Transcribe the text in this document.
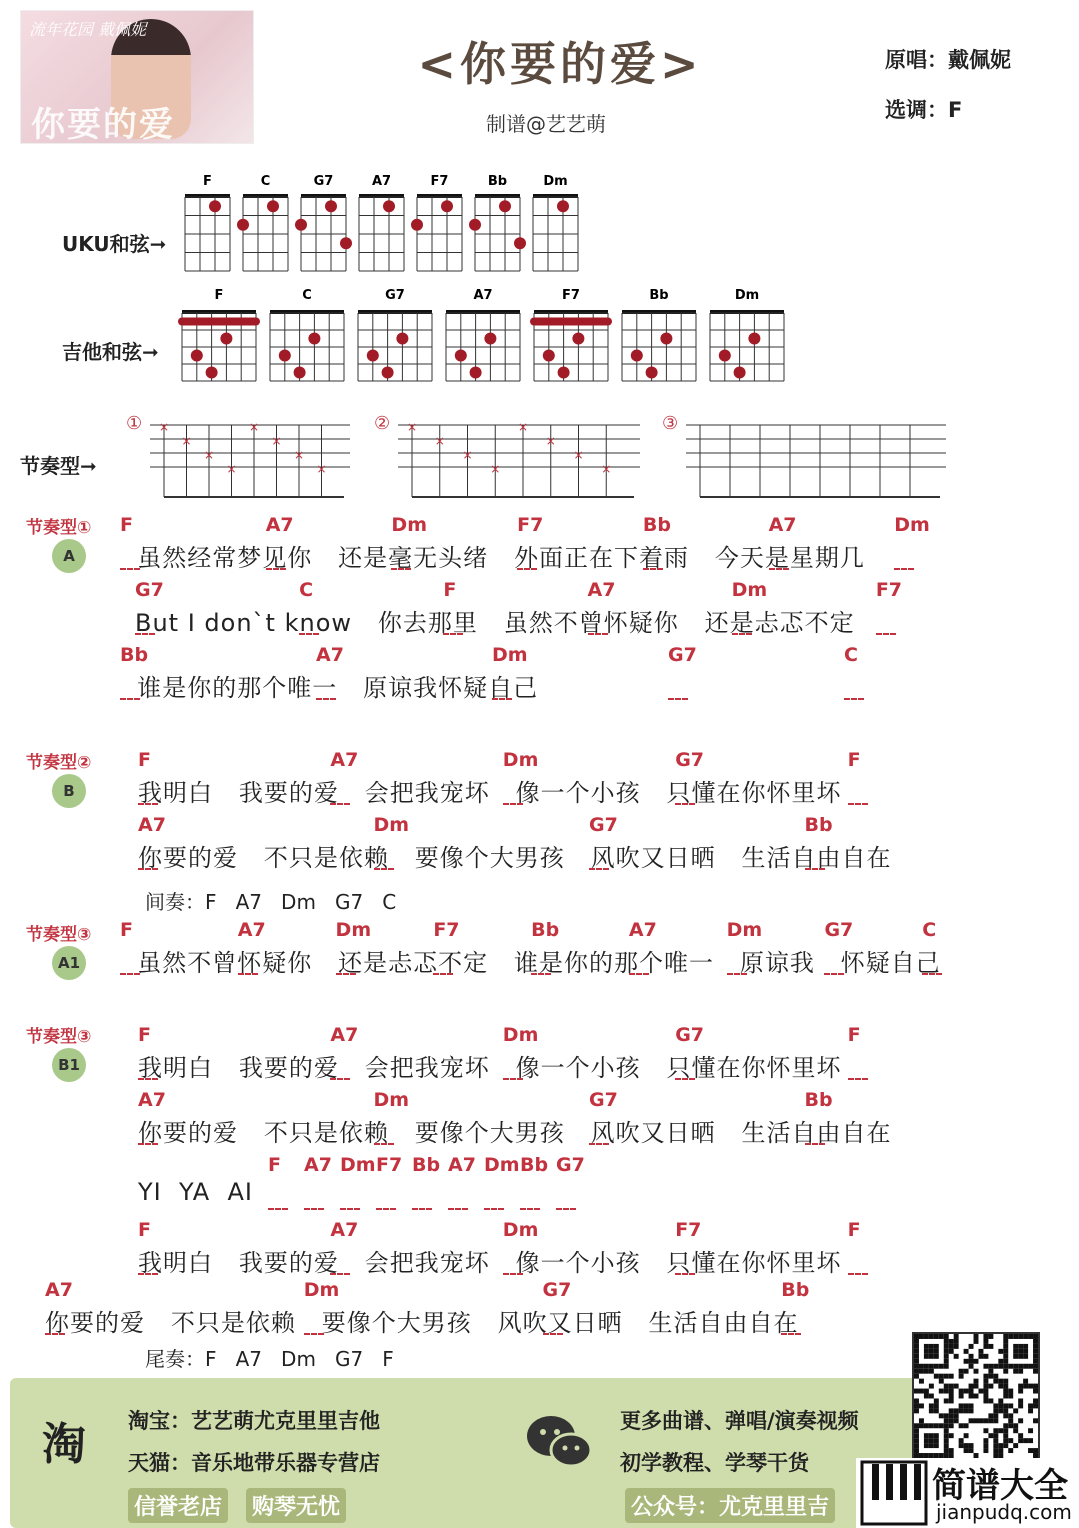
流年花园 戴佩妮
你要的爱
<你要的爱>
制谱@艺艺萌
原唱：戴佩妮
选调：F
UKU和弦➞
吉他和弦➞
F	C	G7	A7	F7	Bb	Dm
F	C	G7	A7	F7	Bb	Dm
节奏型➞
①	②	③
×
×
×
×
×
×
×
×
×
×
×
×
×
×
×
×
节奏型①
A
节奏型②
B
节奏型③
A1
节奏型③
B1
虽然经常梦见你   还是毫无头绪   外面正在下着雨   今天是星期几
F	A7	Dm	F7	Bb	A7	Dm
But I don`t know   你去那里   虽然不曾怀疑你   还是忐忑不定
G7	C	F	A7	Dm	F7
谁是你的那个唯一   原谅我怀疑自己
Bb	A7	Dm	G7	C
我明白   我要的爱   会把我宠坏   像一个小孩   只懂在你怀里坏
F	A7	Dm	G7	F
你要的爱   不只是依赖   要像个大男孩   风吹又日晒   生活自由自在
A7	Dm	G7	Bb
虽然不曾怀疑你   还是忐忑不定   谁是你的那个唯一   原谅我   怀疑自己
F	A7	Dm	F7	Bb	A7	Dm	G7	C
我明白   我要的爱   会把我宠坏   像一个小孩   只懂在你怀里坏
F	A7	Dm	G7	F
你要的爱   不只是依赖   要像个大男孩   风吹又日晒   生活自由自在
A7	Dm	G7	Bb
YI  YA  AI
F A7 Dm F7 Bb A7 Dm Bb G7
我明白   我要的爱   会把我宠坏   像一个小孩   只懂在你怀里坏
F	A7	Dm	F7	F
你要的爱   不只是依赖   要像个大男孩   风吹又日晒   生活自由自在
A7	Dm	G7	Bb
间奏：F   A7   Dm   G7   C
尾奏：F   A7   Dm   G7   F
淘 淘宝：艺艺萌尤克里里吉他
天猫：音乐地带乐器专营店
信誉老店 购琴无忧
更多曲谱、弹唱/演奏视频
初学教程、学琴干货
公众号：尤克里里吉
简谱大全
jianpudq.com
